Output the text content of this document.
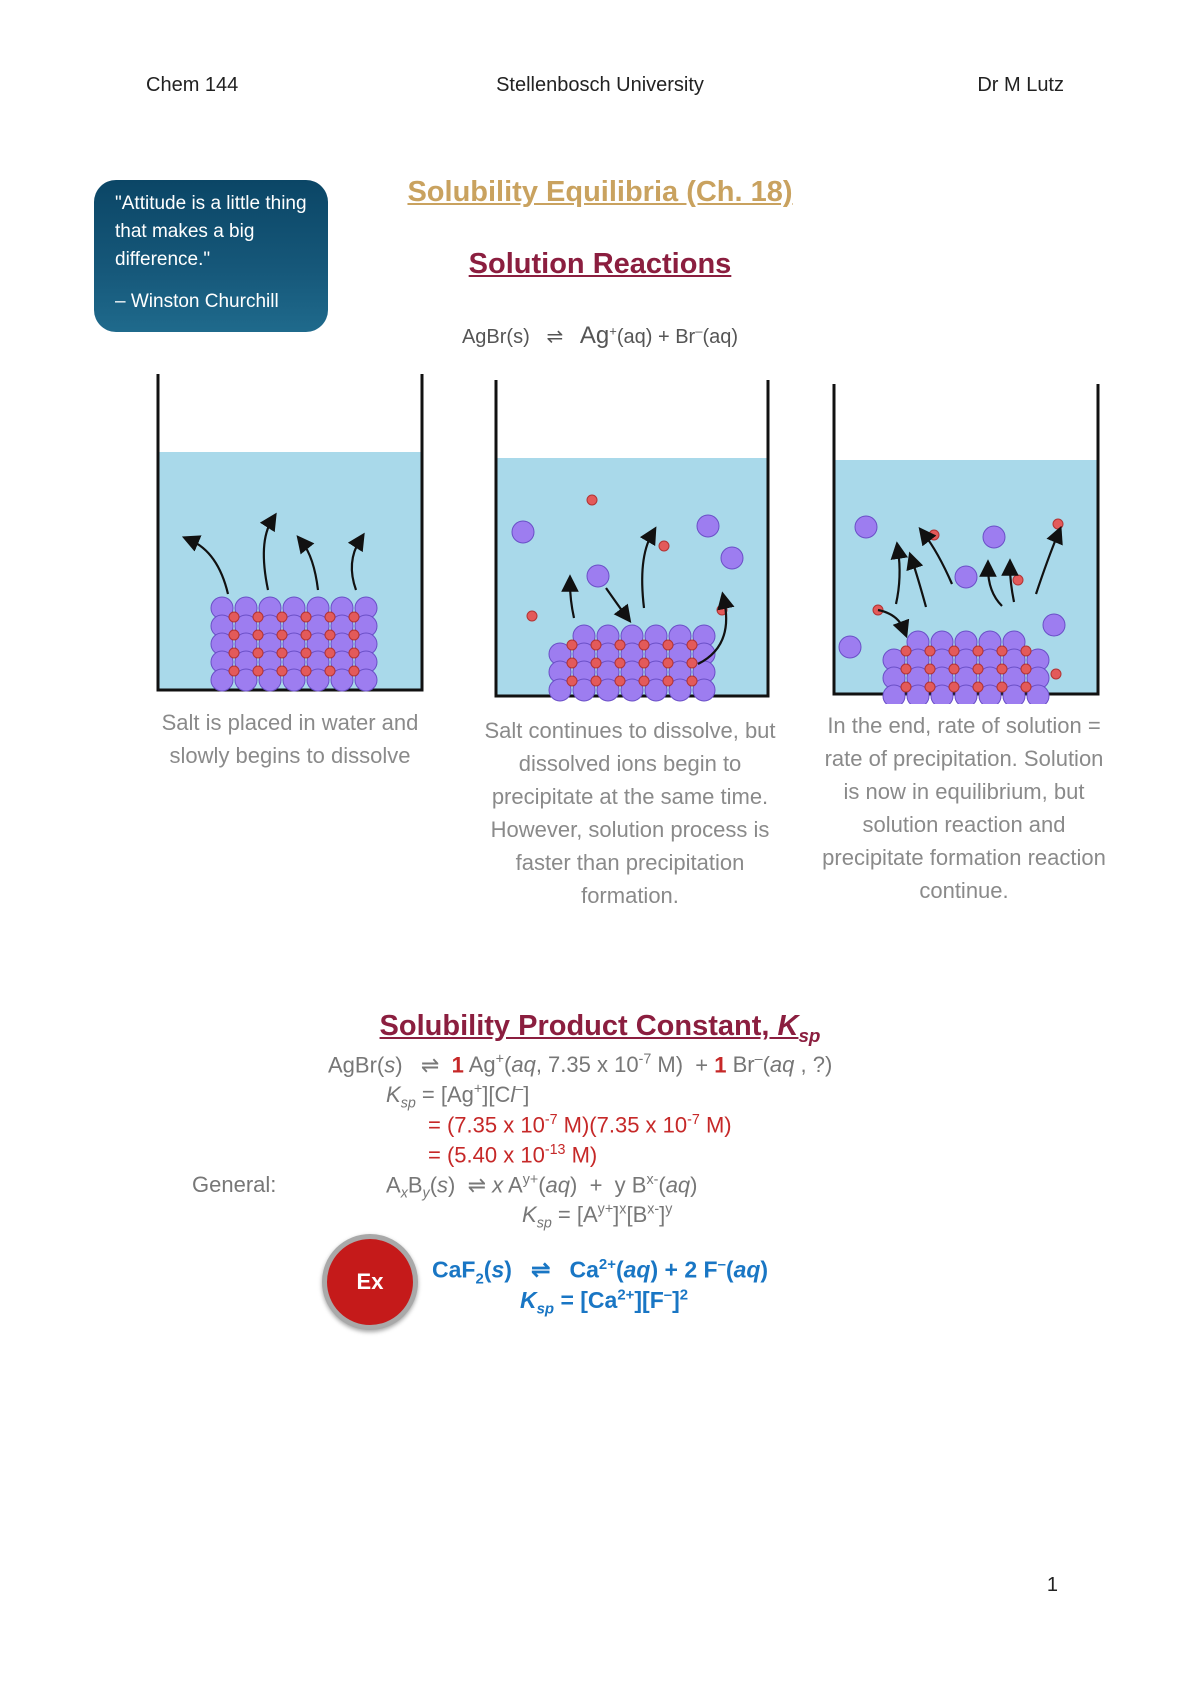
Chem 144	Stellenbosch University	Dr M Lutz

"Attitude is a little thing that makes a big difference."

– Winston Churchill

Solubility Equilibria (Ch. 18)
Solution Reactions
AgBr(s) ⇌ Ag+(aq) + Br–(aq)
Salt is placed in water and slowly begins to dissolve
Salt continues to dissolve, but dissolved ions begin to precipitate at the same time. However, solution process is faster than precipitation formation.
In the end, rate of solution = rate of precipitation. Solution is now in equilibrium, but solution reaction and precipitate formation reaction continue.
Solubility Product Constant, $K_{sp}$
AgBr(s)   ⇌  1 Ag+(aq, 7.35 x $10^{-7}$ M)  + 1 Br–(aq , ?)
$K_{sp} = [Ag^+][Cl^-]$
= (7.35 x $10^{-7}$ M)(7.35 x $10^{-7}$ M)
= (5.40 x $10^{-13}$ M)
General:	$A_xB_y(s)$  ⇌ x $A^{y+}(aq) + y$ $B^{x-}(aq)$
$K_{sp} = [A^{y+}]^x[B^{x-}]^y$
Ex	CaF$_2$(s)   ⇌   $Ca^{2+}(aq) + 2$ F–(aq)
$K_{sp} = [Ca^{2+}][F^-]^2$
1
